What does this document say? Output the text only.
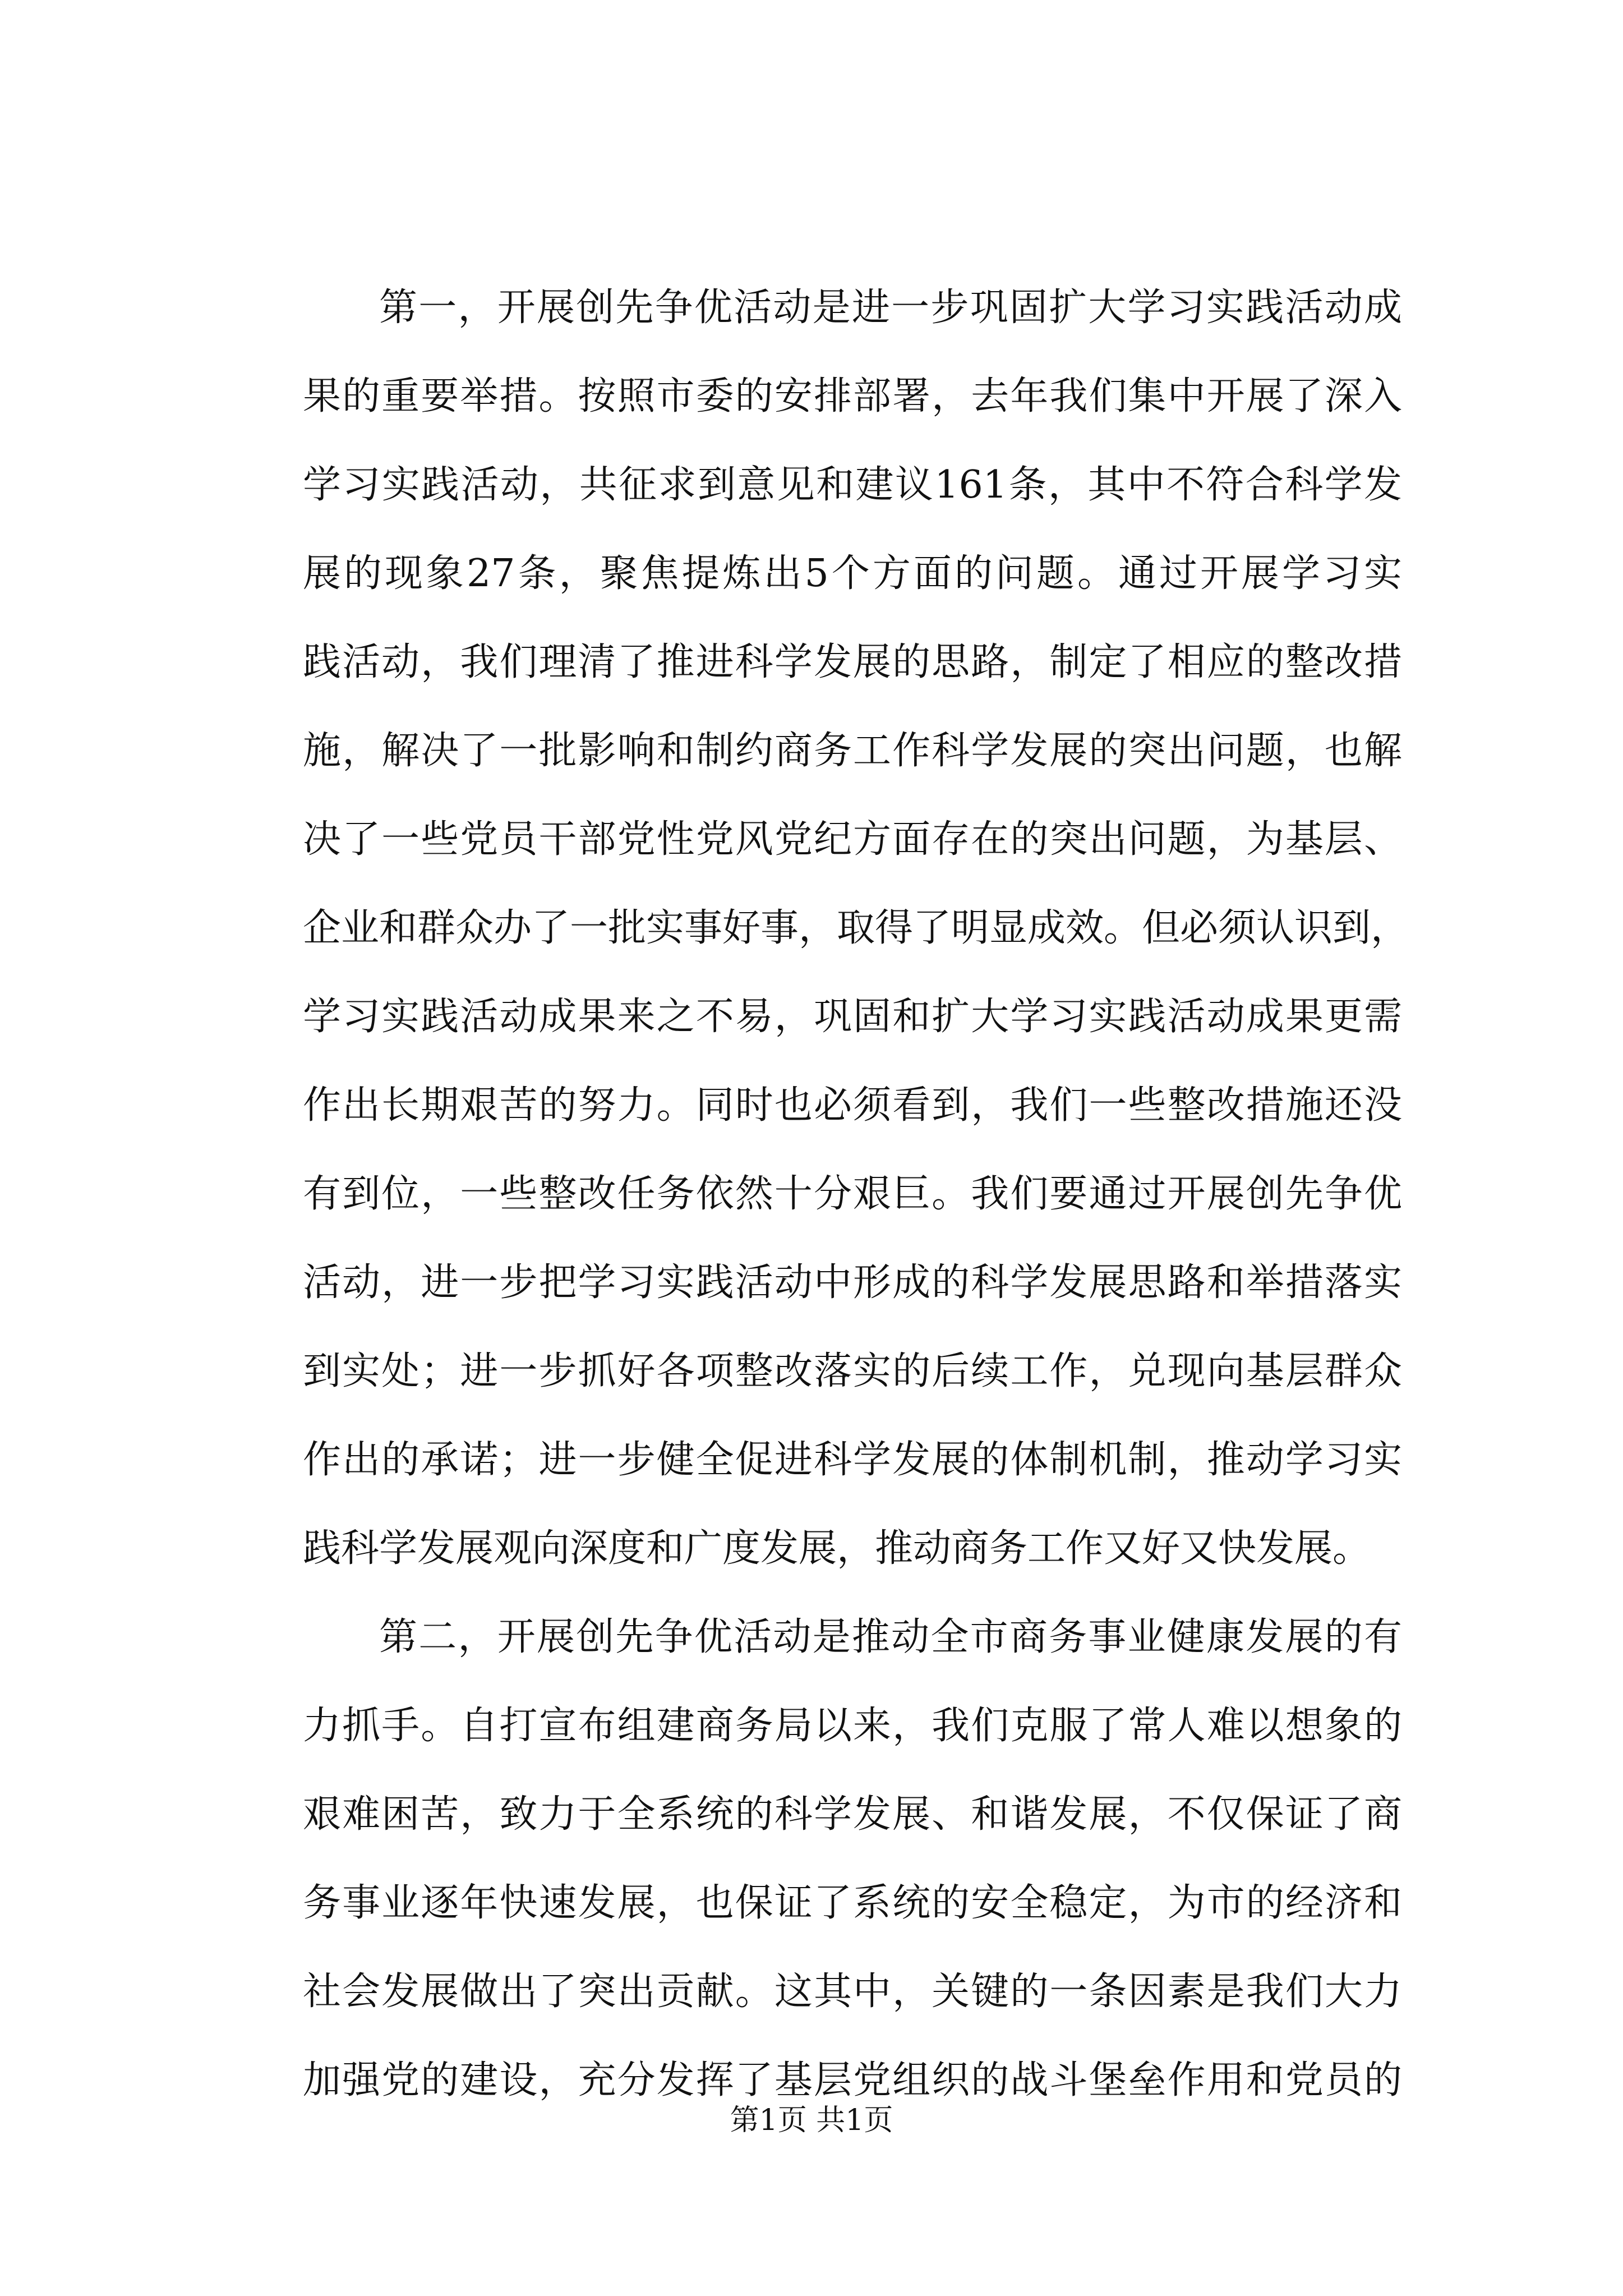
第一，开展创先争优活动是进一步巩固扩大学习实践活动成
果的重要举措。按照市委的安排部署，去年我们集中开展了深入
学习实践活动，共征求到意见和建议161条，其中不符合科学发
展的现象27条，聚焦提炼出5个方面的问题。通过开展学习实
践活动，我们理清了推进科学发展的思路，制定了相应的整改措
施，解决了一批影响和制约商务工作科学发展的突出问题，也解
决了一些党员干部党性党风党纪方面存在的突出问题，为基层、
企业和群众办了一批实事好事，取得了明显成效。但必须认识到，
学习实践活动成果来之不易，巩固和扩大学习实践活动成果更需
作出长期艰苦的努力。同时也必须看到，我们一些整改措施还没
有到位，一些整改任务依然十分艰巨。我们要通过开展创先争优
活动，进一步把学习实践活动中形成的科学发展思路和举措落实
到实处；进一步抓好各项整改落实的后续工作，兑现向基层群众
作出的承诺；进一步健全促进科学发展的体制机制，推动学习实
践科学发展观向深度和广度发展，推动商务工作又好又快发展。
第二，开展创先争优活动是推动全市商务事业健康发展的有
力抓手。自打宣布组建商务局以来，我们克服了常人难以想象的
艰难困苦，致力于全系统的科学发展、和谐发展，不仅保证了商
务事业逐年快速发展，也保证了系统的安全稳定，为市的经济和
社会发展做出了突出贡献。这其中，关键的一条因素是我们大力
加强党的建设，充分发挥了基层党组织的战斗堡垒作用和党员的
第1页 共1页
